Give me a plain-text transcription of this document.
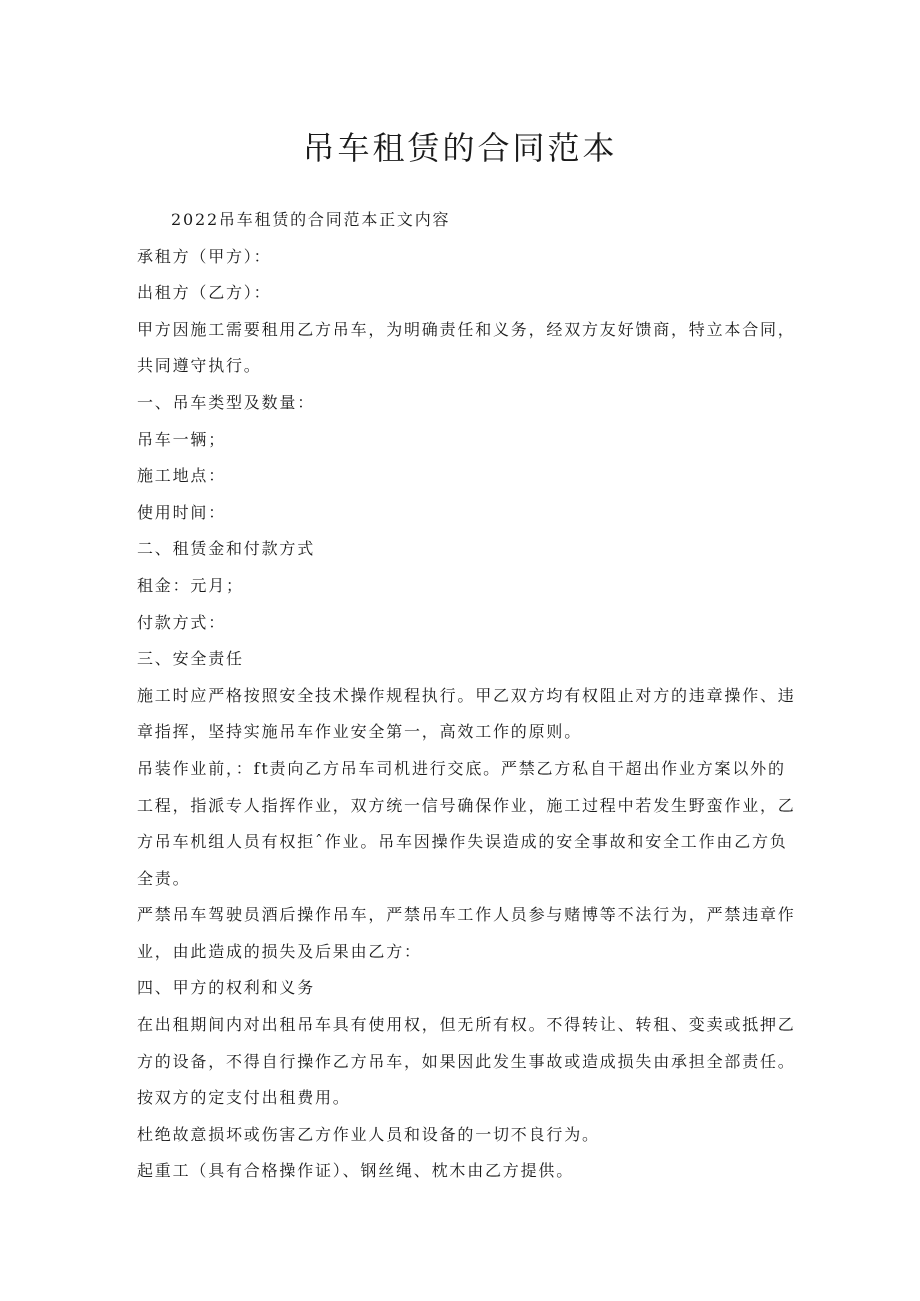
吊车租赁的合同范本

2022吊车租赁的合同范本正文内容

承租方（甲方）：

出租方（乙方）：

甲方因施工需要租用乙方吊车，为明确责任和义务，经双方友好馈商，特立本合同，共同遵守执行。

一、吊车类型及数量：

吊车一辆；

施工地点：

使用时间：

二、租赁金和付款方式

租金：元月；

付款方式：

三、安全责任

施工时应严格按照安全技术操作规程执行。甲乙双方均有权阻止对方的违章操作、违章指挥，坚持实施吊车作业安全第一，高效工作的原则。

吊装作业前，：ft责向乙方吊车司机进行交底。严禁乙方私自干超出作业方案以外的工程，指派专人指挥作业，双方统一信号确保作业，施工过程中若发生野蛮作业，乙方吊车机组人员有权拒ˆ作业。吊车因操作失误造成的安全事故和安全工作由乙方负全责。

严禁吊车驾驶员酒后操作吊车，严禁吊车工作人员参与赌博等不法行为，严禁违章作业，由此造成的损失及后果由乙方：

四、甲方的权利和义务

在出租期间内对出租吊车具有使用权，但无所有权。不得转让、转租、变卖或抵押乙方的设备，不得自行操作乙方吊车，如果因此发生事故或造成损失由承担全部责任。

按双方的定支付出租费用。

杜绝故意损坏或伤害乙方作业人员和设备的一切不良行为。

起重工（具有合格操作证）、钢丝绳、枕木由乙方提供。
